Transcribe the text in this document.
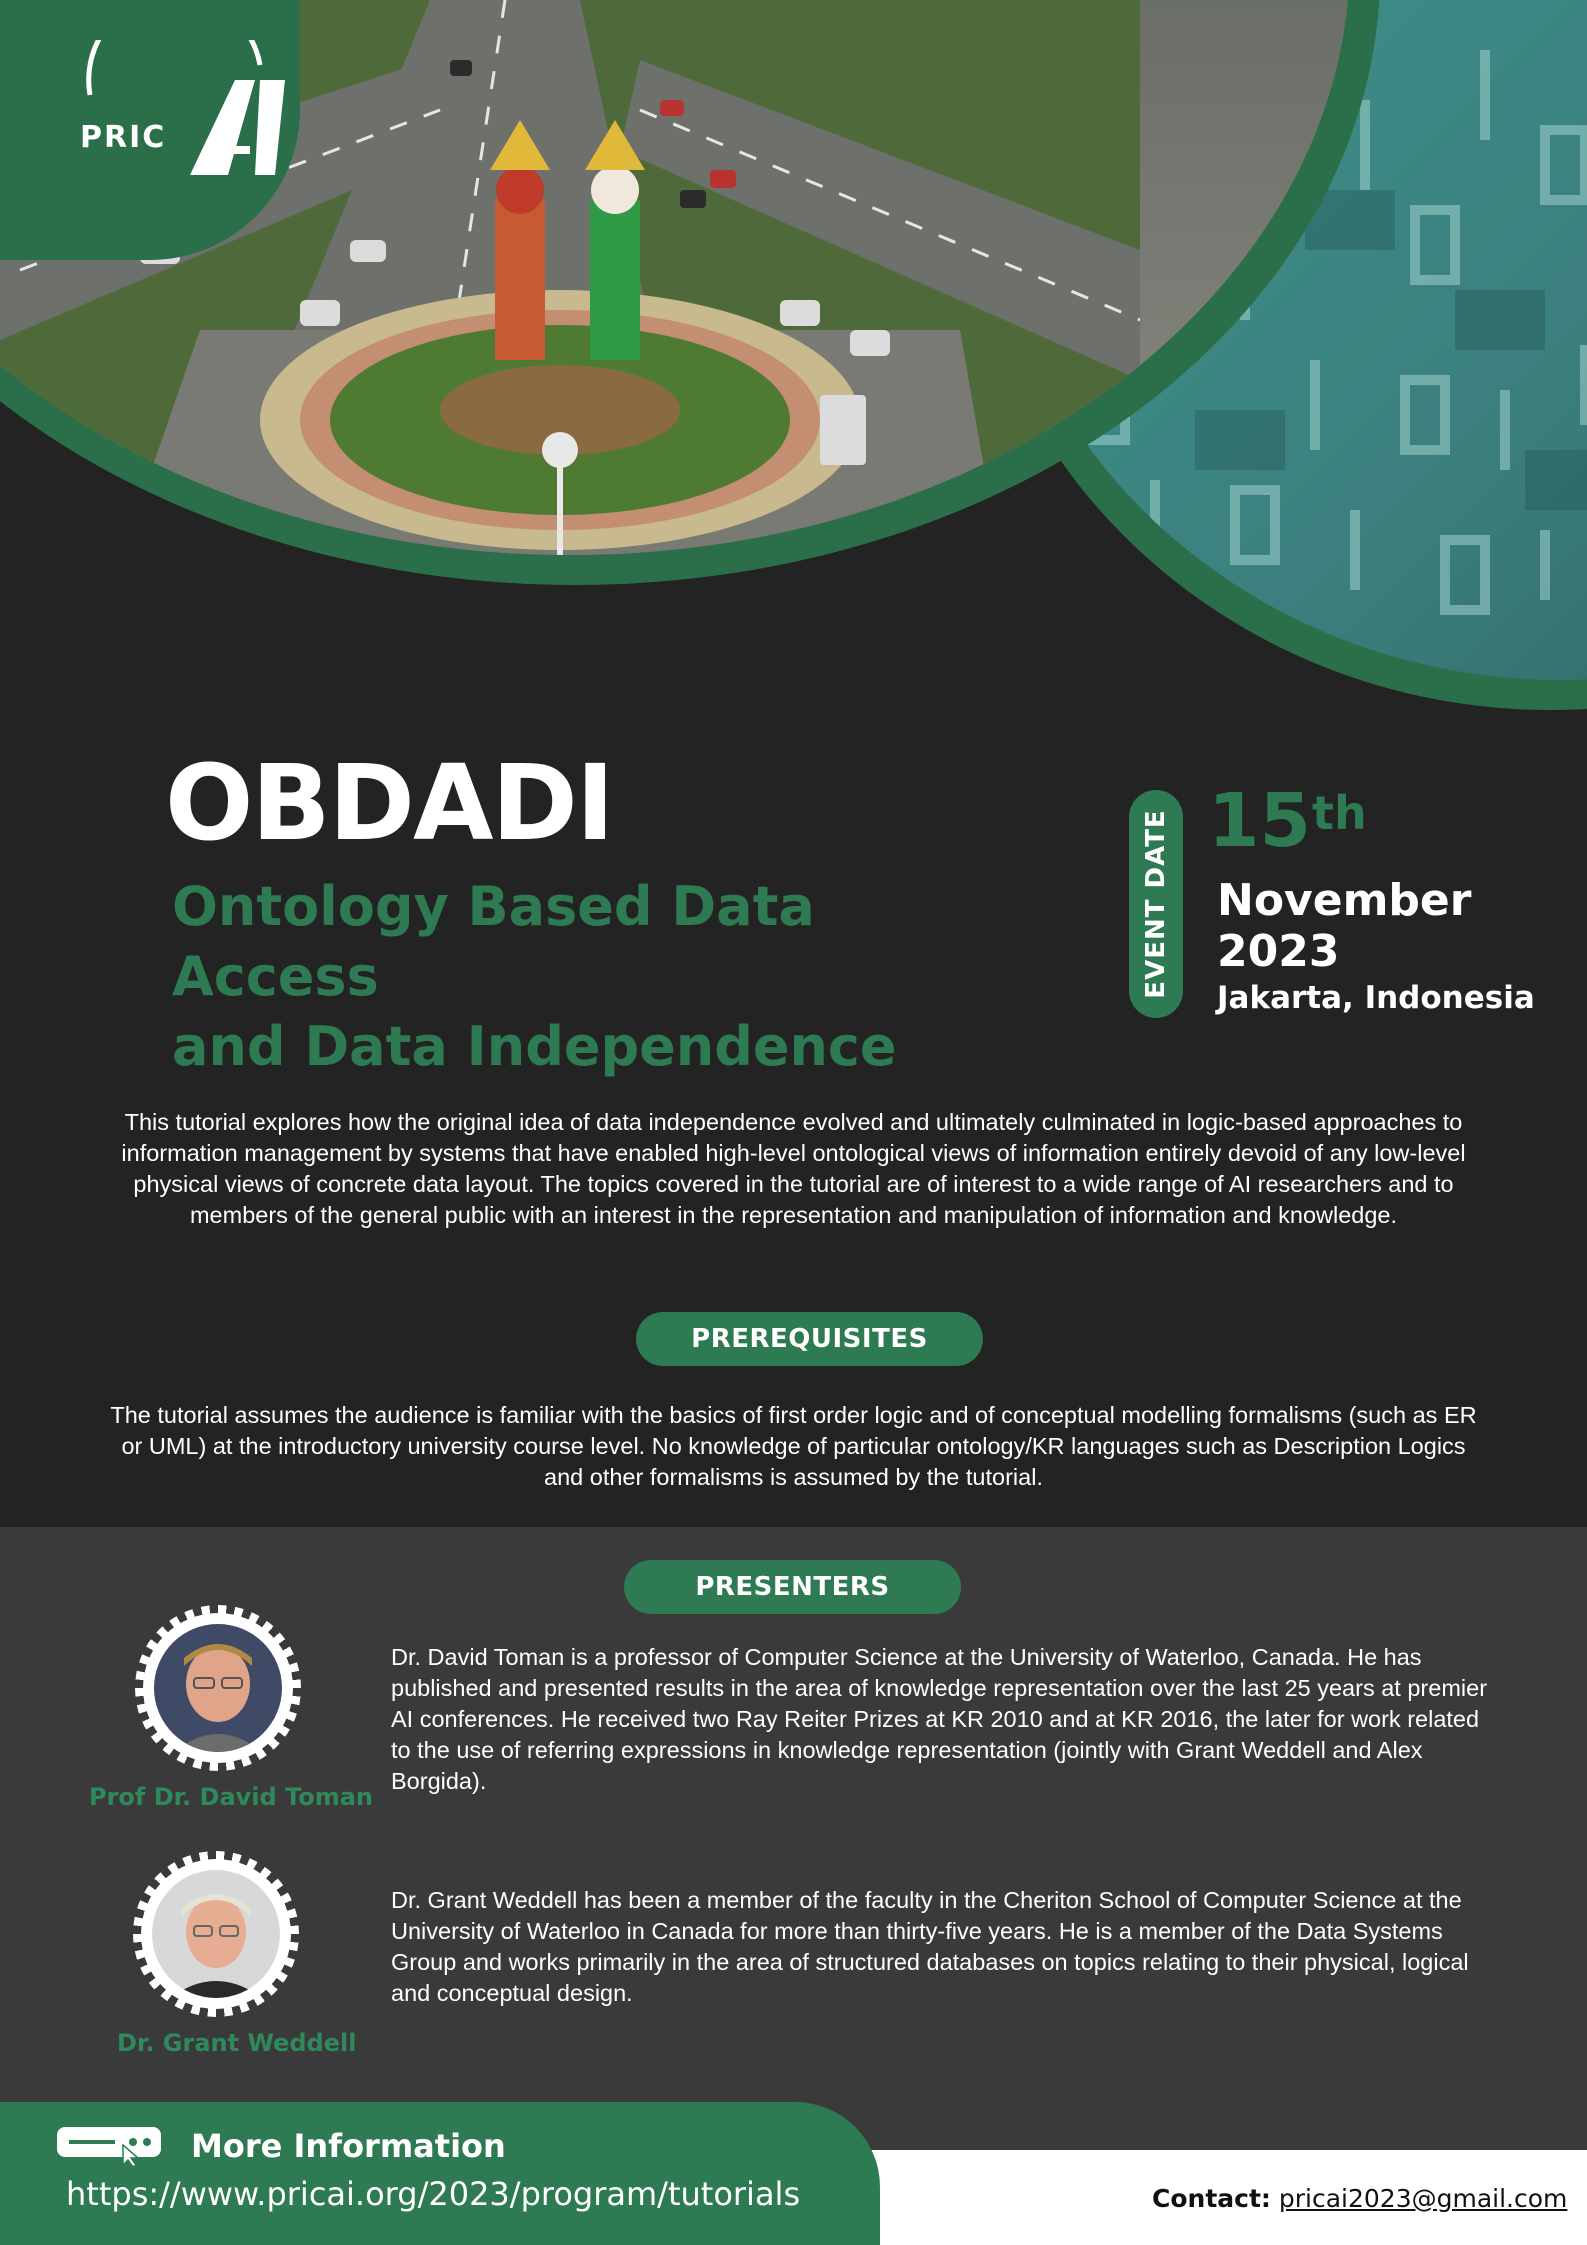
PRIC
OBDADI
Ontology Based Data Access
and Data Independence
EVENT DATE 15 th
November
2023
Jakarta, Indonesia

This tutorial explores how the original idea of data independence evolved and ultimately culminated in logic-based approaches to information management by systems that have enabled high-level ontological views of information entirely devoid of any low-level physical views of concrete data layout. The topics covered in the tutorial are of interest to a wide range of AI researchers and to members of the general public with an interest in the representation and manipulation of information and knowledge.

PREREQUISITES

The tutorial assumes the audience is familiar with the basics of first order logic and of conceptual modelling formalisms (such as ER or UML) at the introductory university course level. No knowledge of particular ontology/KR languages such as Description Logics and other formalisms is assumed by the tutorial.

PRESENTERS
Prof Dr. David Toman

Dr. David Toman is a professor of Computer Science at the University of Waterloo, Canada. He has published and presented results in the area of knowledge representation over the last 25 years at premier AI conferences. He received two Ray Reiter Prizes at KR 2010 and at KR 2016, the later for work related to the use of referring expressions in knowledge representation (jointly with Grant Weddell and Alex Borgida).

Dr. Grant Weddell

Dr. Grant Weddell has been a member of the faculty in the Cheriton School of Computer Science at the University of Waterloo in Canada for more than thirty-five years. He is a member of the Data Systems Group and works primarily in the area of structured databases on topics relating to their physical, logical and conceptual design.

More Information
https://www.pricai.org/2023/program/tutorials	Contact: pricai2023@gmail.com
